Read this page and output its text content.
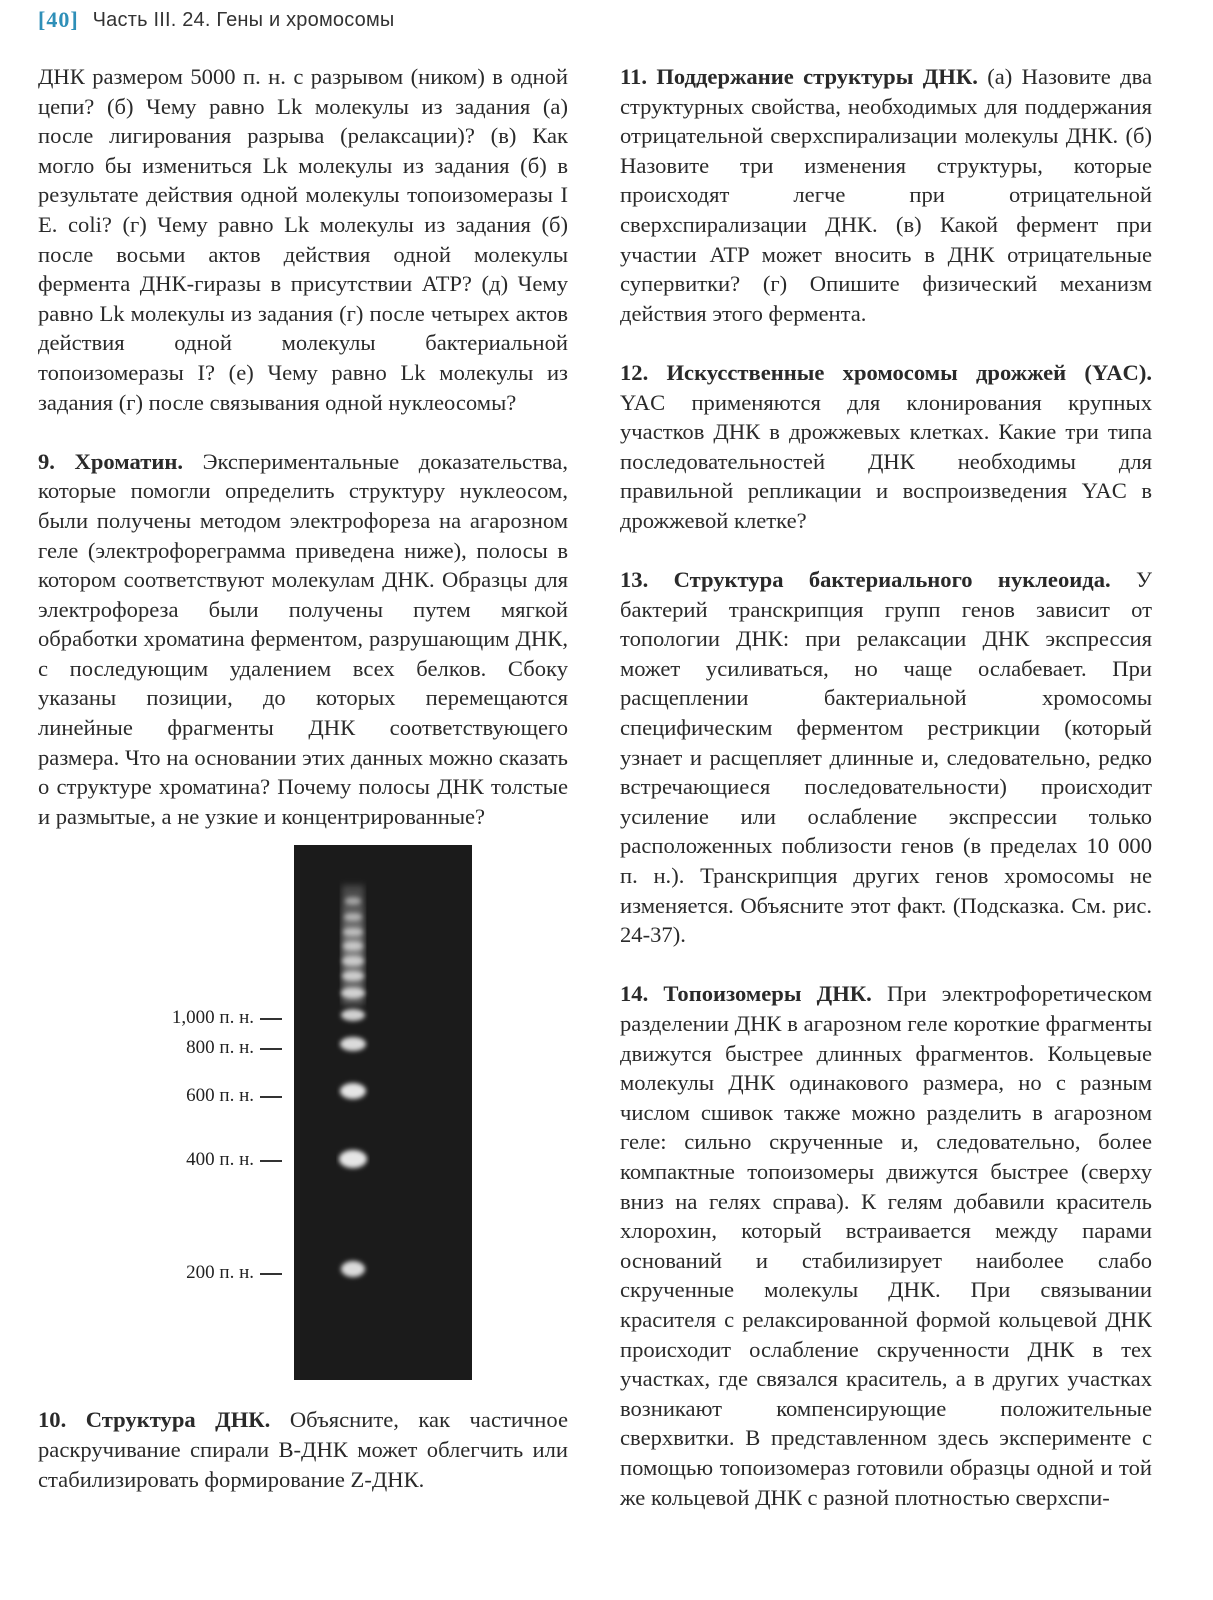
[40] Часть III. 24. Гены и хромосомы

ДНК размером 5000 п. н. с разрывом (ником) в одной цепи? (б) Чему равно Lk молекулы из задания (а) после лигирования разрыва (релаксации)? (в) Как могло бы измениться Lk молекулы из задания (б) в результате действия одной молекулы топоизомеразы I E. coli? (г) Чему равно Lk молекулы из задания (б) после восьми актов действия одной молекулы фермента ДНК-гиразы в присутствии ATP? (д) Чему равно Lk молекулы из задания (г) после четырех актов действия одной молекулы бактериальной топоизомеразы I? (е) Чему равно Lk молекулы из задания (г) после связывания одной нуклеосомы?

9. Хроматин. Экспериментальные доказательства, которые помогли определить структуру нуклеосом, были получены методом электрофореза на агарозном геле (электрофореграмма приведена ниже), полосы в котором соответствуют молекулам ДНК. Образцы для электрофореза были получены путем мягкой обработки хроматина ферментом, разрушающим ДНК, с последующим удалением всех белков. Сбоку указаны позиции, до которых перемещаются линейные фрагменты ДНК соответствующего размера. Что на основании этих данных можно сказать о структуре хроматина? Почему полосы ДНК толстые и размытые, а не узкие и концентрированные?

1,000 п. н.
800 п. н.
600 п. н.
400 п. н.
200 п. н.

10. Структура ДНК. Объясните, как частичное раскручивание спирали B-ДНК может облегчить или стабилизировать формирование Z-ДНК.

11. Поддержание структуры ДНК. (а) Назовите два структурных свойства, необходимых для поддержания отрицательной сверхспирализации молекулы ДНК. (б) Назовите три изменения структуры, которые происходят легче при отрицательной сверхспирализации ДНК. (в) Какой фермент при участии ATP может вносить в ДНК отрицательные супервитки? (г) Опишите физический механизм действия этого фермента.

12. Искусственные хромосомы дрожжей (YAC). YAC применяются для клонирования крупных участков ДНК в дрожжевых клетках. Какие три типа последовательностей ДНК необходимы для правильной репликации и воспроизведения YAC в дрожжевой клетке?

13. Структура бактериального нуклеоида. У бактерий транскрипция групп генов зависит от топологии ДНК: при релаксации ДНК экспрессия может усиливаться, но чаще ослабевает. При расщеплении бактериальной хромосомы специфическим ферментом рестрикции (который узнает и расщепляет длинные и, следовательно, редко встречающиеся последовательности) происходит усиление или ослабление экспрессии только расположенных поблизости генов (в пределах 10 000 п. н.). Транскрипция других генов хромосомы не изменяется. Объясните этот факт. (Подсказка. См. рис. 24-37).

14. Топоизомеры ДНК. При электрофоретическом разделении ДНК в агарозном геле короткие фрагменты движутся быстрее длинных фрагментов. Кольцевые молекулы ДНК одинакового размера, но с разным числом сшивок также можно разделить в агарозном геле: сильно скрученные и, следовательно, более компактные топоизомеры движутся быстрее (сверху вниз на гелях справа). К гелям добавили краситель хлорохин, который встраивается между парами оснований и стабилизирует наиболее слабо скрученные молекулы ДНК. При связывании красителя с релаксированной формой кольцевой ДНК происходит ослабление скрученности ДНК в тех участках, где связался краситель, а в других участках возникают компенсирующие положительные сверхвитки. В представленном здесь эксперименте с помощью топоизомераз готовили образцы одной и той же кольцевой ДНК с разной плотностью сверхспи-
